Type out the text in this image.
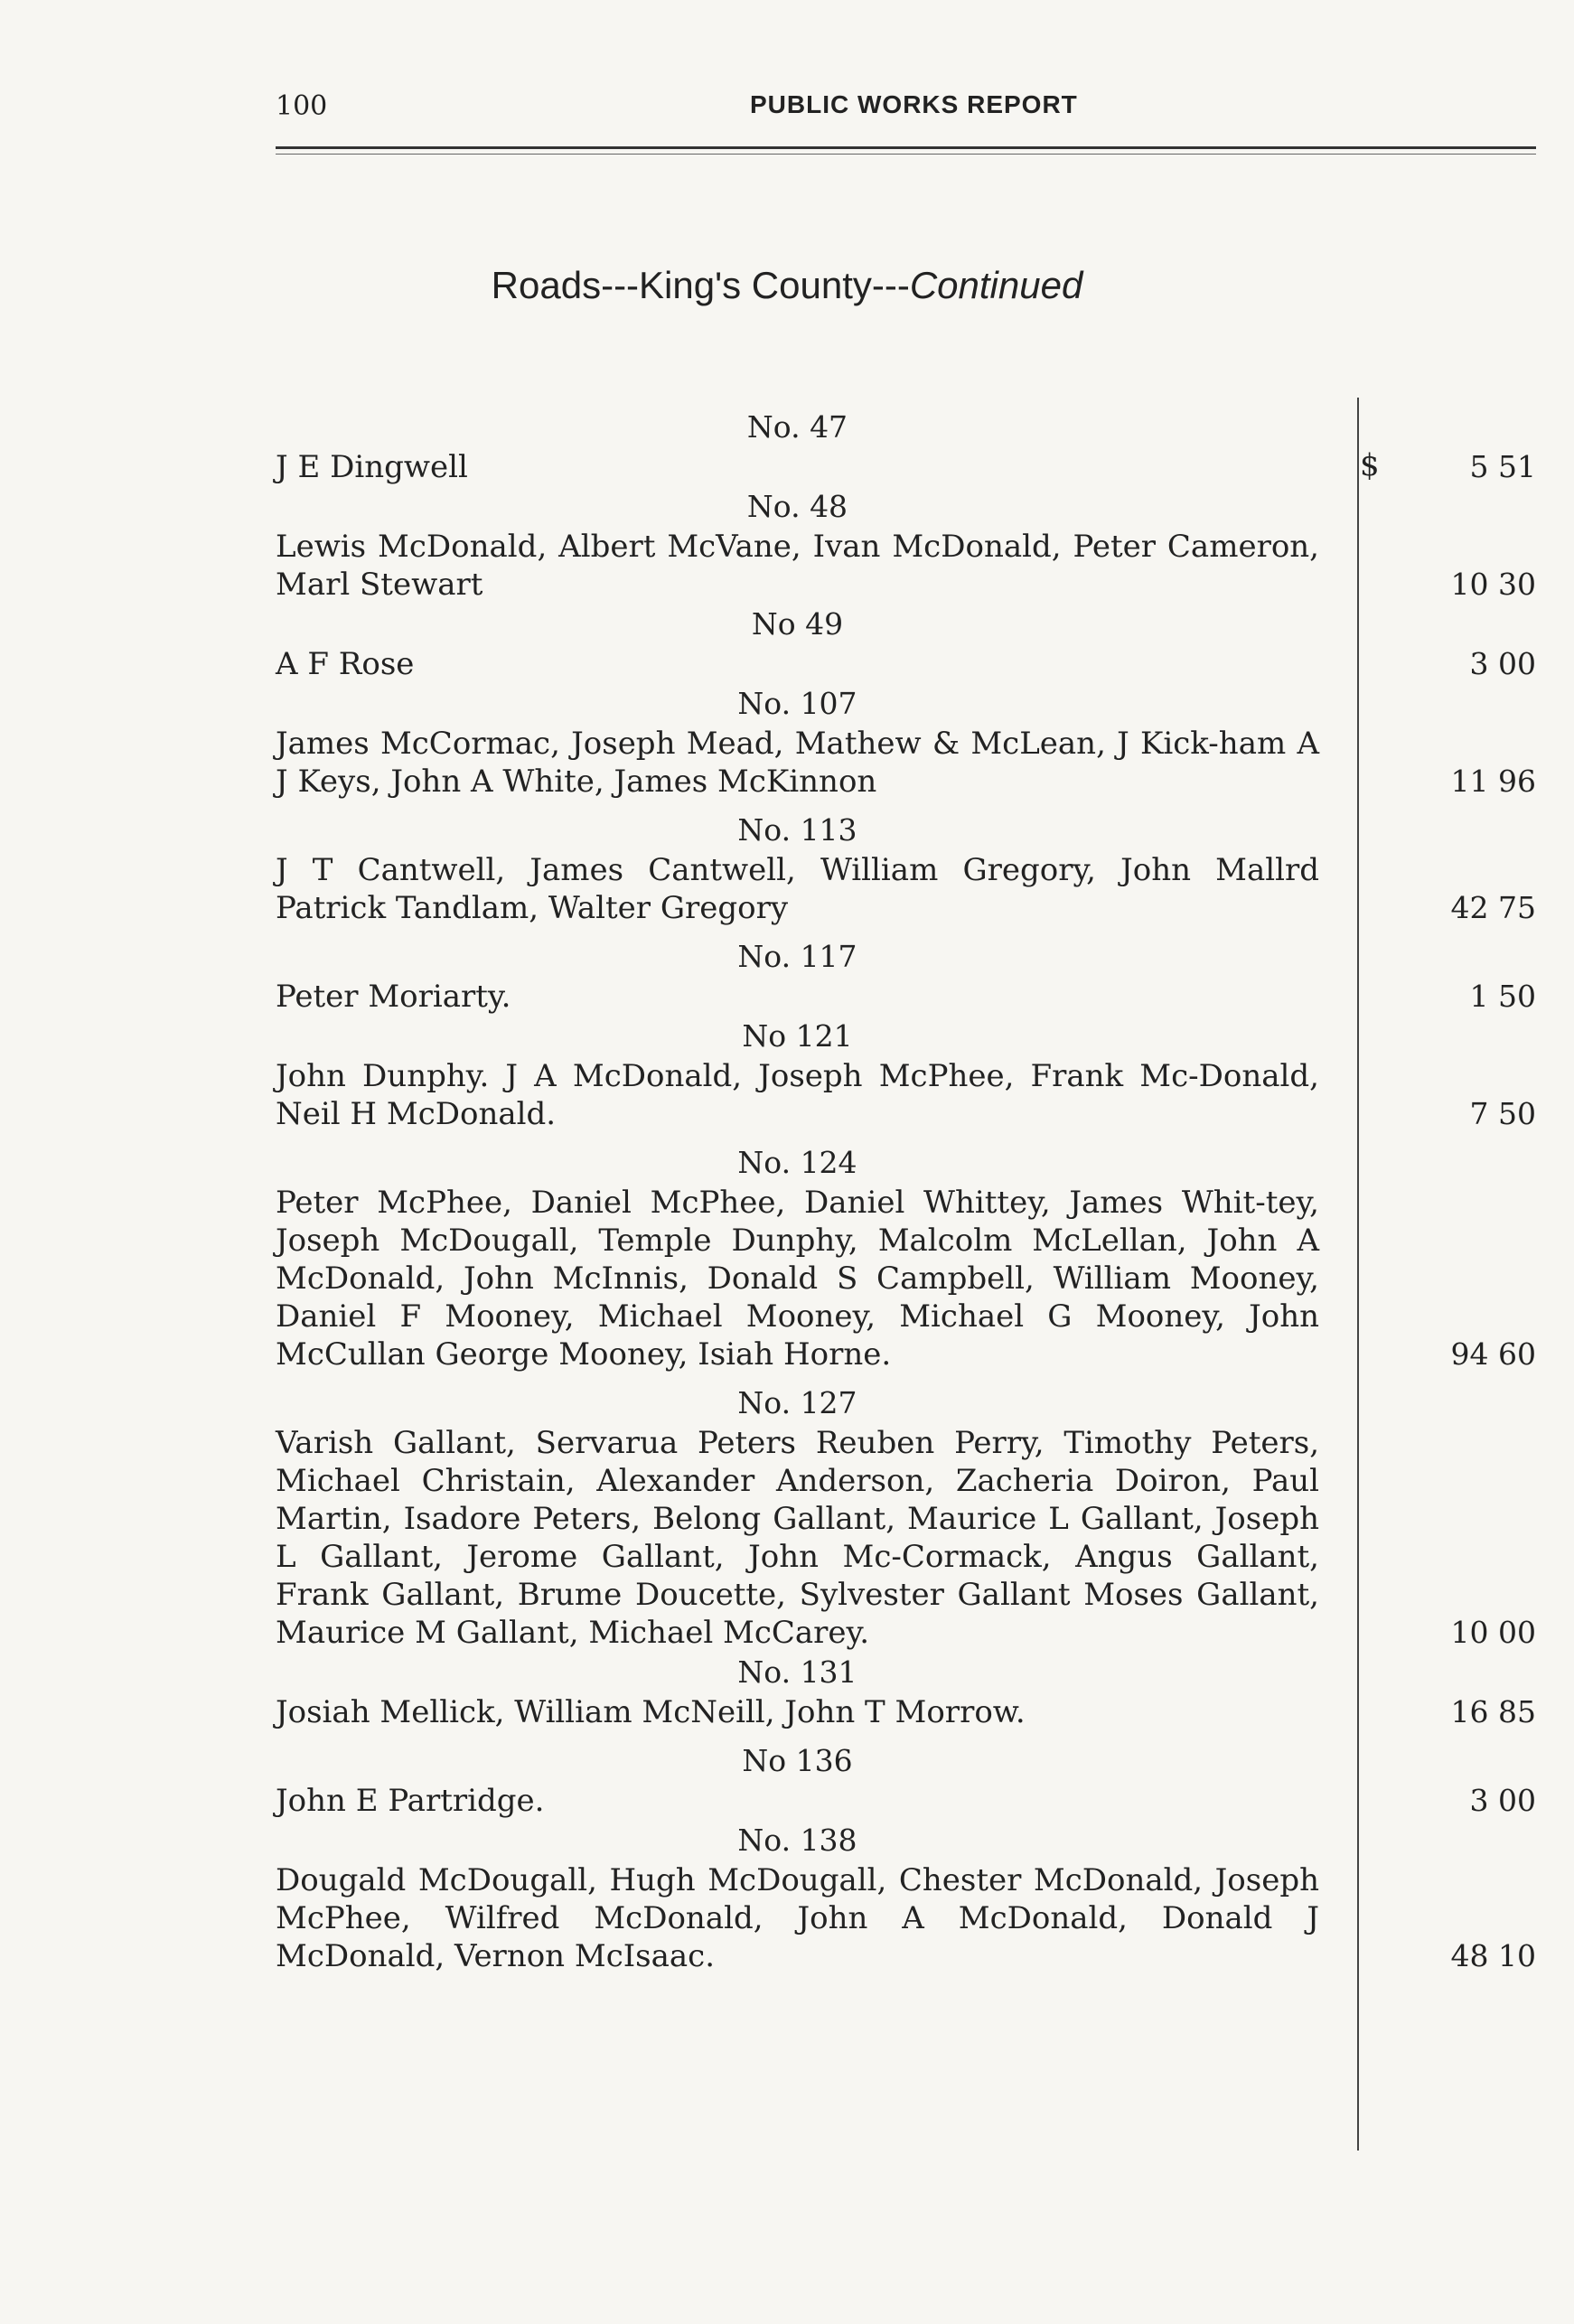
100	PUBLIC WORKS REPORT
Roads---King's County---Continued
$
No. 47
J E Dingwell	5 51
No. 48
Lewis McDonald, Albert McVane, Ivan McDonald, Peter Cameron, Marl Stewart	10 30
No 49
A F Rose	3 00
No. 107
James McCormac, Joseph Mead, Mathew & McLean, J Kick-ham A J Keys, John A White, James McKinnon	11 96
No. 113
J T Cantwell, James Cantwell, William Gregory, John Mallrd Patrick Tandlam, Walter Gregory	42 75
No. 117
Peter Moriarty.	1 50
No 121
John Dunphy. J A McDonald, Joseph McPhee, Frank Mc-Donald, Neil H McDonald.	7 50
No. 124
Peter McPhee, Daniel McPhee, Daniel Whittey, James Whit-tey, Joseph McDougall, Temple Dunphy, Malcolm McLellan, John A McDonald, John McInnis, Donald S Campbell, William Mooney, Daniel F Mooney, Michael Mooney, Michael G Mooney, John McCullan George Mooney, Isiah Horne.	94 60
No. 127
Varish Gallant, Servarua Peters Reuben Perry, Timothy Peters, Michael Christain, Alexander Anderson, Zacheria Doiron, Paul Martin, Isadore Peters, Belong Gallant, Maurice L Gallant, Joseph L Gallant, Jerome Gallant, John Mc-Cormack, Angus Gallant, Frank Gallant, Brume Doucette, Sylvester Gallant Moses Gallant, Maurice M Gallant, Michael McCarey.	10 00
No. 131
Josiah Mellick, William McNeill, John T Morrow.	16 85
No 136
John E Partridge.	3 00
No. 138
Dougald McDougall, Hugh McDougall, Chester McDonald, Joseph McPhee, Wilfred McDonald, John A McDonald, Donald J McDonald, Vernon McIsaac.	48 10
